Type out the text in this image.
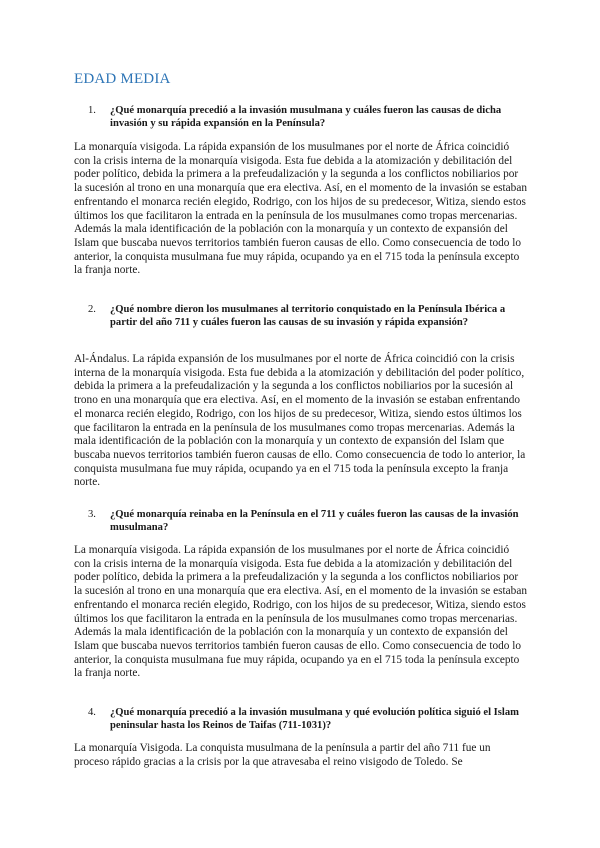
EDAD MEDIA
1.	¿Qué monarquía precedió a la invasión musulmana y cuáles fueron las causas de dicha invasión y su rápida expansión en la Península?
La monarquía visigoda. La rápida expansión de los musulmanes por el norte de África coincidió con la crisis interna de la monarquía visigoda. Esta fue debida a la atomización y debilitación del poder político, debida la primera a la prefeudalización y la segunda a los conflictos nobiliarios por la sucesión al trono en una monarquía que era electiva. Así, en el momento de la invasión se estaban enfrentando el monarca recién elegido, Rodrigo, con los hijos de su predecesor, Witiza, siendo estos últimos los que facilitaron la entrada en la península de los musulmanes como tropas mercenarias. Además la mala identificación de la población con la monarquía y un contexto de expansión del Islam que buscaba nuevos territorios también fueron causas de ello. Como consecuencia de todo lo anterior, la conquista musulmana fue muy rápida, ocupando ya en el 715 toda la península excepto la franja norte.
2.	¿Qué nombre dieron los musulmanes al territorio conquistado en la Península Ibérica a partir del año 711 y cuáles fueron las causas de su invasión y rápida expansión?
Al-Ándalus. La rápida expansión de los musulmanes por el norte de África coincidió con la crisis interna de la monarquía visigoda. Esta fue debida a la atomización y debilitación del poder político, debida la primera a la prefeudalización y la segunda a los conflictos nobiliarios por la sucesión al trono en una monarquía que era electiva. Así, en el momento de la invasión se estaban enfrentando el monarca recién elegido, Rodrigo, con los hijos de su predecesor, Witiza, siendo estos últimos los que facilitaron la entrada en la península de los musulmanes como tropas mercenarias. Además la mala identificación de la población con la monarquía y un contexto de expansión del Islam que buscaba nuevos territorios también fueron causas de ello. Como consecuencia de todo lo anterior, la conquista musulmana fue muy rápida, ocupando ya en el 715 toda la península excepto la franja norte.
3.	¿Qué monarquía reinaba en la Península en el 711 y cuáles fueron las causas de la invasión musulmana?
La monarquía visigoda. La rápida expansión de los musulmanes por el norte de África coincidió con la crisis interna de la monarquía visigoda. Esta fue debida a la atomización y debilitación del poder político, debida la primera a la prefeudalización y la segunda a los conflictos nobiliarios por la sucesión al trono en una monarquía que era electiva. Así, en el momento de la invasión se estaban enfrentando el monarca recién elegido, Rodrigo, con los hijos de su predecesor, Witiza, siendo estos últimos los que facilitaron la entrada en la península de los musulmanes como tropas mercenarias. Además la mala identificación de la población con la monarquía y un contexto de expansión del Islam que buscaba nuevos territorios también fueron causas de ello. Como consecuencia de todo lo anterior, la conquista musulmana fue muy rápida, ocupando ya en el 715 toda la península excepto la franja norte.
4.	¿Qué monarquía precedió a la invasión musulmana y qué evolución política siguió el Islam peninsular hasta los Reinos de Taifas (711-1031)?
La monarquía Visigoda. La conquista musulmana de la península a partir del año 711 fue un proceso rápido gracias a la crisis por la que atravesaba el reino visigodo de Toledo. Se
